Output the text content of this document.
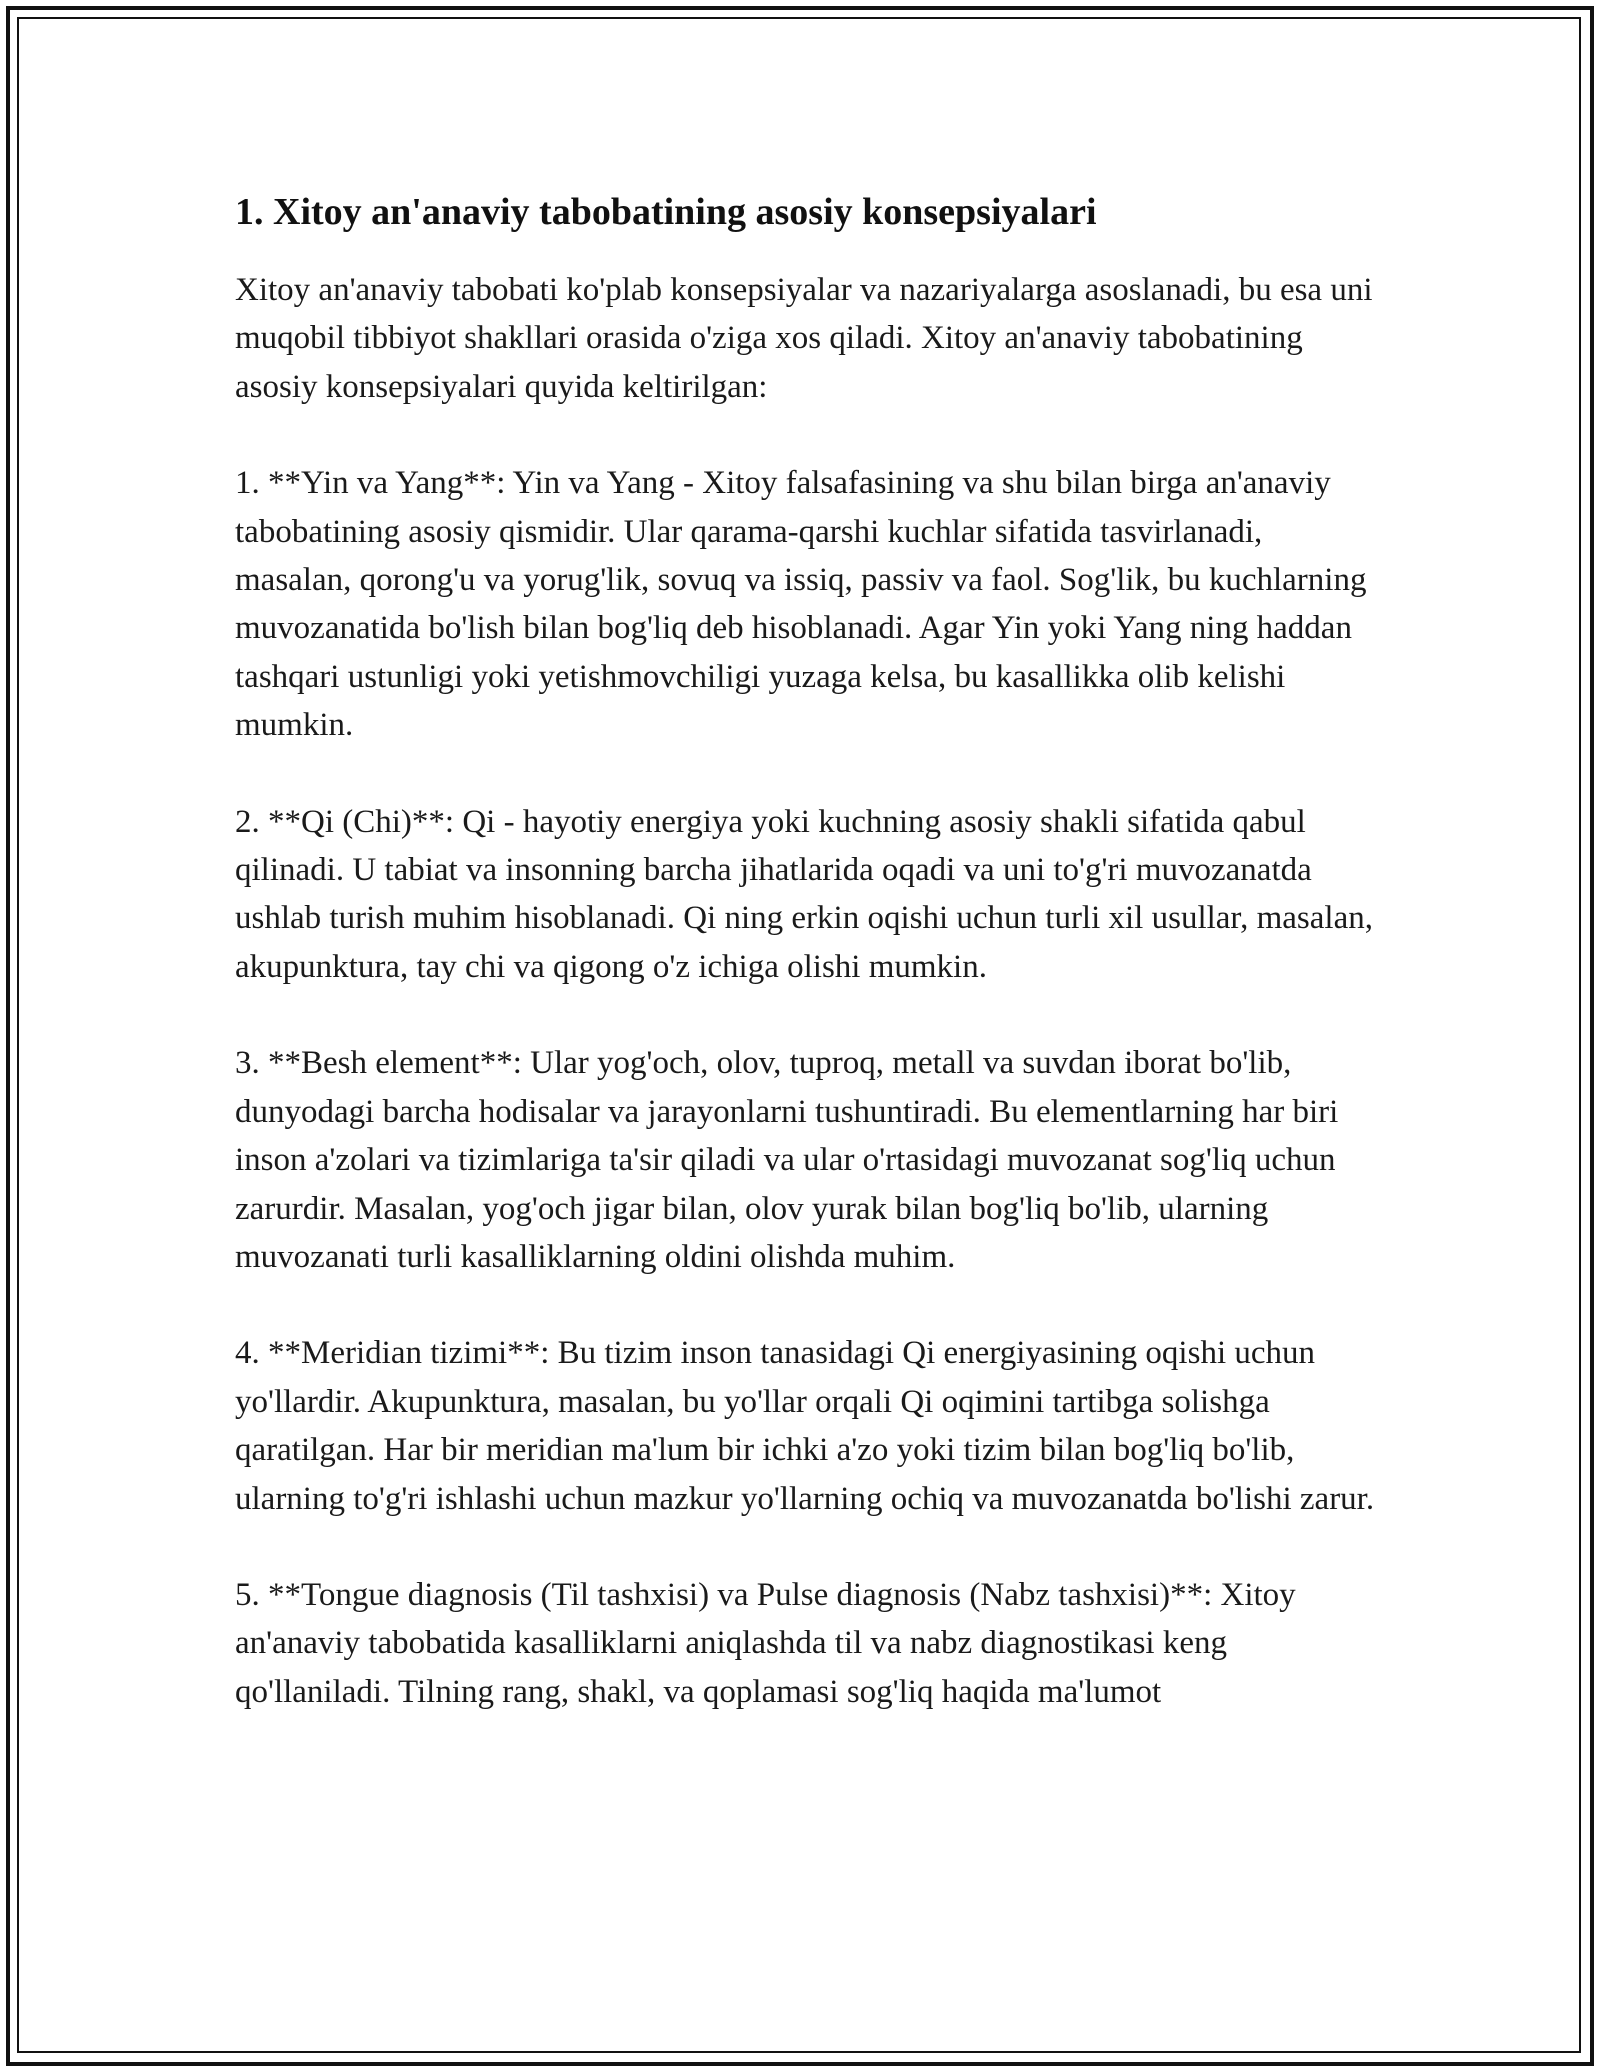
1. Xitoy an'anaviy tabobatining asosiy konsepsiyalari

Xitoy an'anaviy tabobati ko'plab konsepsiyalar va nazariyalarga asoslanadi, bu esa uni muqobil tibbiyot shakllari orasida o'ziga xos qiladi. Xitoy an'anaviy tabobatining asosiy konsepsiyalari quyida keltirilgan:

1. **Yin va Yang**: Yin va Yang - Xitoy falsafasining va shu bilan birga an'anaviy tabobatining asosiy qismidir. Ular qarama-qarshi kuchlar sifatida tasvirlanadi, masalan, qorong'u va yorug'lik, sovuq va issiq, passiv va faol. Sog'lik, bu kuchlarning muvozanatida bo'lish bilan bog'liq deb hisoblanadi. Agar Yin yoki Yang ning haddan tashqari ustunligi yoki yetishmovchiligi yuzaga kelsa, bu kasallikka olib kelishi mumkin.

2. **Qi (Chi)**: Qi - hayotiy energiya yoki kuchning asosiy shakli sifatida qabul qilinadi. U tabiat va insonning barcha jihatlarida oqadi va uni to'g'ri muvozanatda ushlab turish muhim hisoblanadi. Qi ning erkin oqishi uchun turli xil usullar, masalan, akupunktura, tay chi va qigong o'z ichiga olishi mumkin.

3. **Besh element**: Ular yog'och, olov, tuproq, metall va suvdan iborat bo'lib, dunyodagi barcha hodisalar va jarayonlarni tushuntiradi. Bu elementlarning har biri inson a'zolari va tizimlariga ta'sir qiladi va ular o'rtasidagi muvozanat sog'liq uchun zarurdir. Masalan, yog'och jigar bilan, olov yurak bilan bog'liq bo'lib, ularning muvozanati turli kasalliklarning oldini olishda muhim.

4. **Meridian tizimi**: Bu tizim inson tanasidagi Qi energiyasining oqishi uchun yo'llardir. Akupunktura, masalan, bu yo'llar orqali Qi oqimini tartibga solishga qaratilgan. Har bir meridian ma'lum bir ichki a'zo yoki tizim bilan bog'liq bo'lib, ularning to'g'ri ishlashi uchun mazkur yo'llarning ochiq va muvozanatda bo'lishi zarur.

5. **Tongue diagnosis (Til tashxisi) va Pulse diagnosis (Nabz tashxisi)**: Xitoy an'anaviy tabobatida kasalliklarni aniqlashda til va nabz diagnostikasi keng qo'llaniladi. Tilning rang, shakl, va qoplamasi sog'liq haqida ma'lumot
